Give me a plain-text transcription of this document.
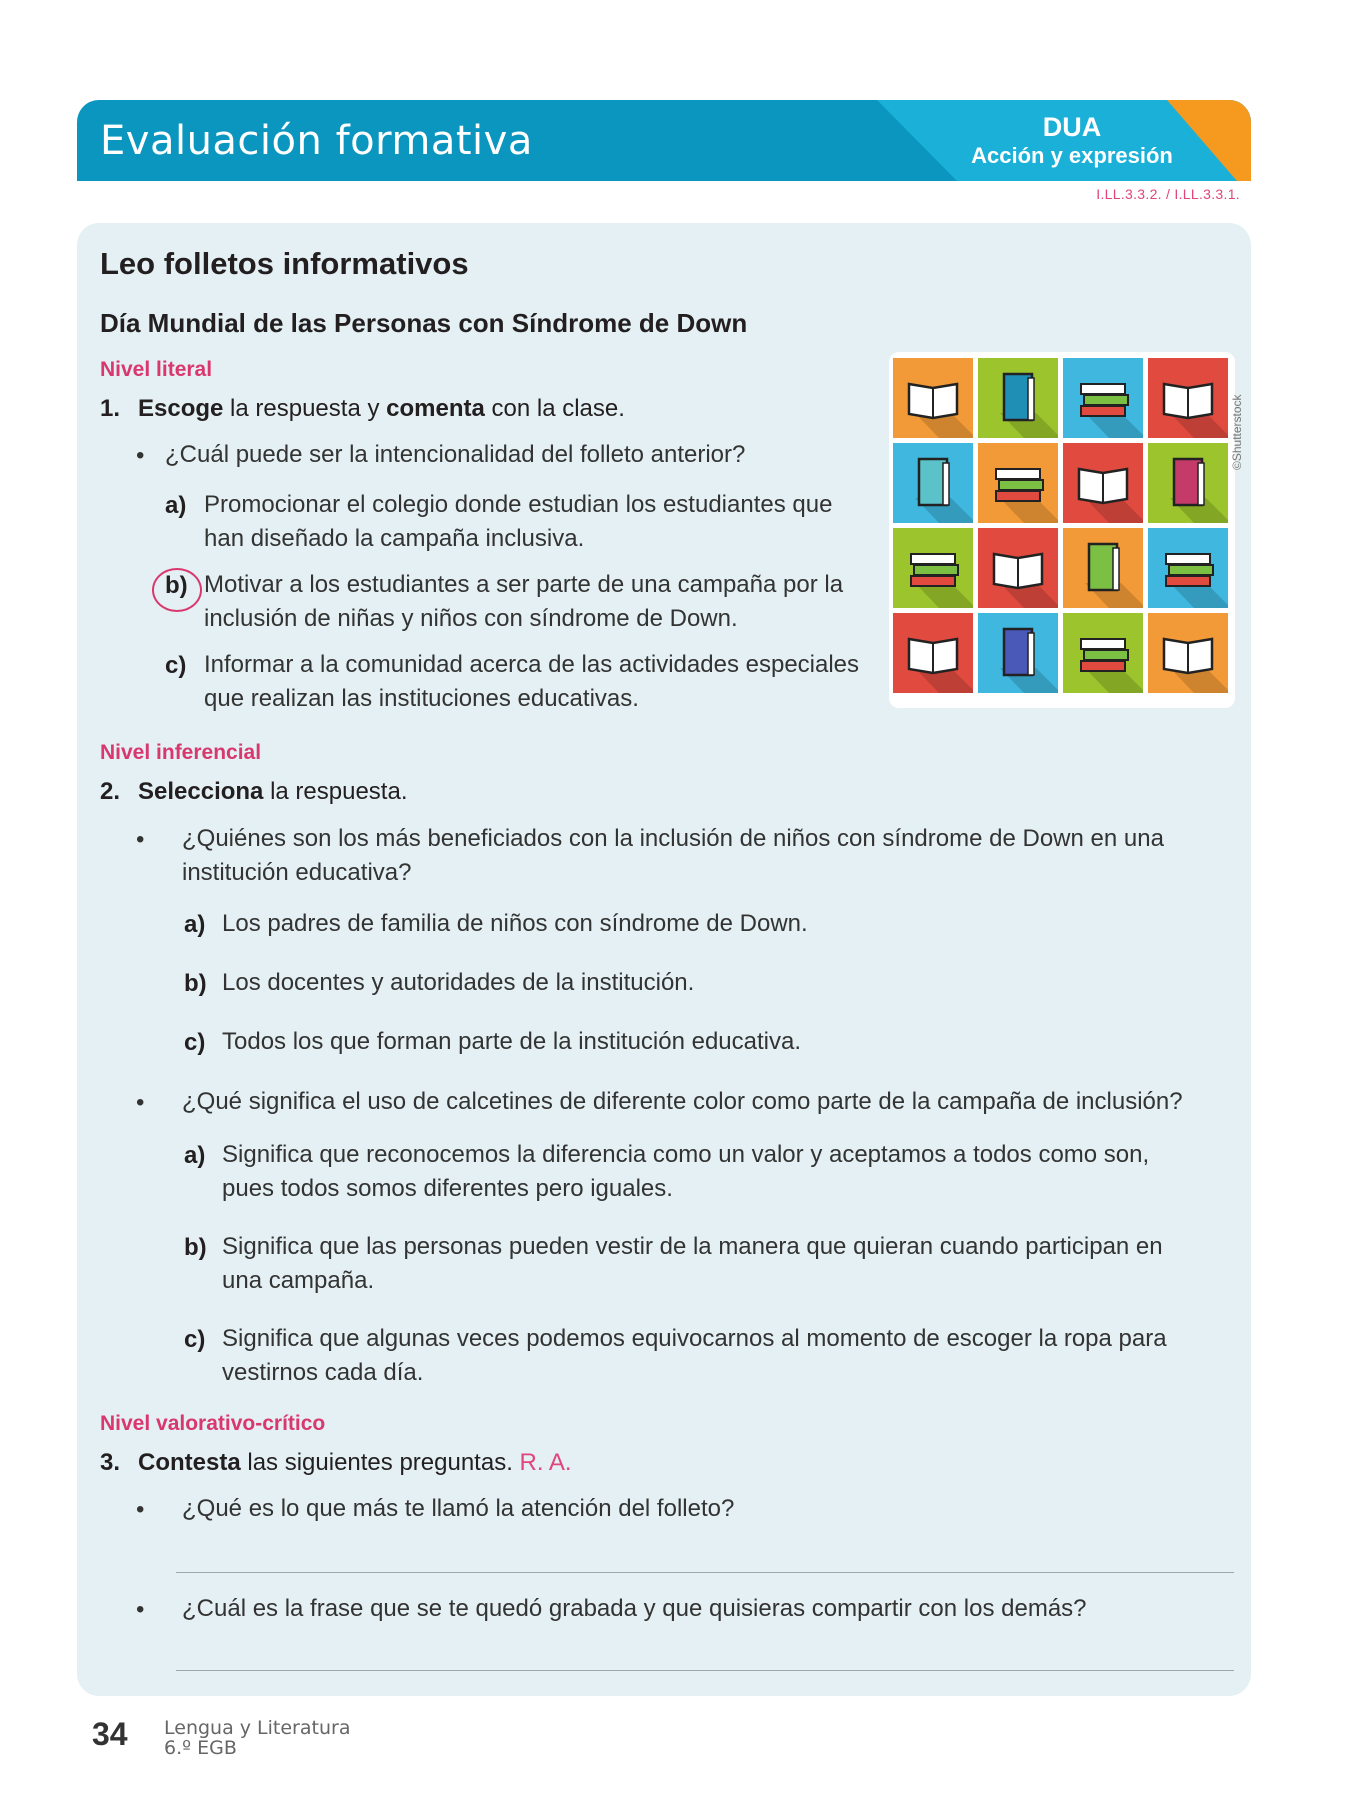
Evaluación formativa	DUA
Acción y expresión
I.LL.3.3.2. / I.LL.3.3.1.
Leo folletos informativos
Día Mundial de las Personas con Síndrome de Down
Nivel literal
1. Escoge la respuesta y comenta con la clase.
• ¿Cuál puede ser la intencionalidad del folleto anterior?
a) Promocionar el colegio donde estudian los estudiantes que
han diseñado la campaña inclusiva.
b) Motivar a los estudiantes a ser parte de una campaña por la
inclusión de niñas y niños con síndrome de Down.
c) Informar a la comunidad acerca de las actividades especiales
que realizan las instituciones educativas.
©Shutterstock
Nivel inferencial
2. Selecciona la respuesta.
• ¿Quiénes son los más beneficiados con la inclusión de niños con síndrome de Down en una
institución educativa?
a) Los padres de familia de niños con síndrome de Down.
b) Los docentes y autoridades de la institución.
c) Todos los que forman parte de la institución educativa.
• ¿Qué significa el uso de calcetines de diferente color como parte de la campaña de inclusión?
a) Significa que reconocemos la diferencia como un valor y aceptamos a todos como son,
pues todos somos diferentes pero iguales.
b) Significa que las personas pueden vestir de la manera que quieran cuando participan en
una campaña.
c) Significa que algunas veces podemos equivocarnos al momento de escoger la ropa para
vestirnos cada día.
Nivel valorativo-crítico
3. Contesta las siguientes preguntas. R. A.
• ¿Qué es lo que más te llamó la atención del folleto?
• ¿Cuál es la frase que se te quedó grabada y que quisieras compartir con los demás?
34 Lengua y Literatura
6.º EGB
